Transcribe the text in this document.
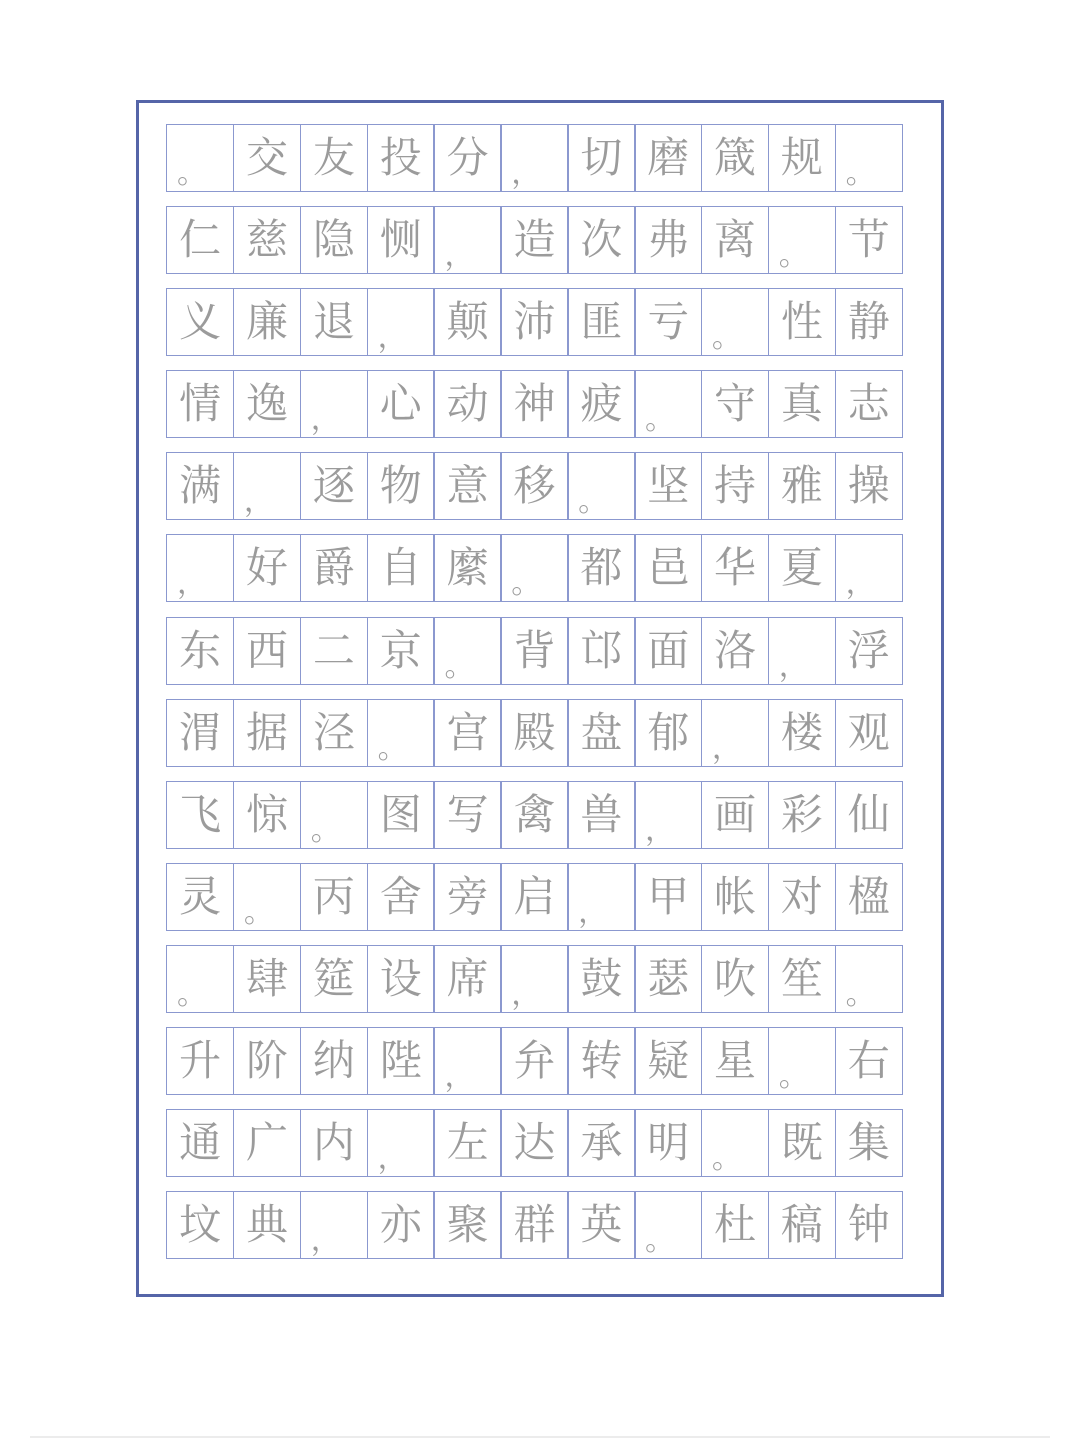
。 交 友 投 分 ， 切 磨 箴 规 。
仁 慈 隐 恻 ， 造 次 弗 离 。 节
义 廉 退 ， 颠 沛 匪 亏 。 性 静
情 逸 ， 心 动 神 疲 。 守 真 志
满 ， 逐 物 意 移 。 坚 持 雅 操
， 好 爵 自 縻 。 都 邑 华 夏 ，
东 西 二 京 。 背 邙 面 洛 ， 浮
渭 据 泾 。 宫 殿 盘 郁 ， 楼 观
飞 惊 。 图 写 禽 兽 ， 画 彩 仙
灵 。 丙 舍 旁 启 ， 甲 帐 对 楹
。 肆 筵 设 席 ， 鼓 瑟 吹 笙 。
升 阶 纳 陛 ， 弁 转 疑 星 。 右
通 广 内 ， 左 达 承 明 。 既 集
坟 典 ， 亦 聚 群 英 。 杜 稿 钟
